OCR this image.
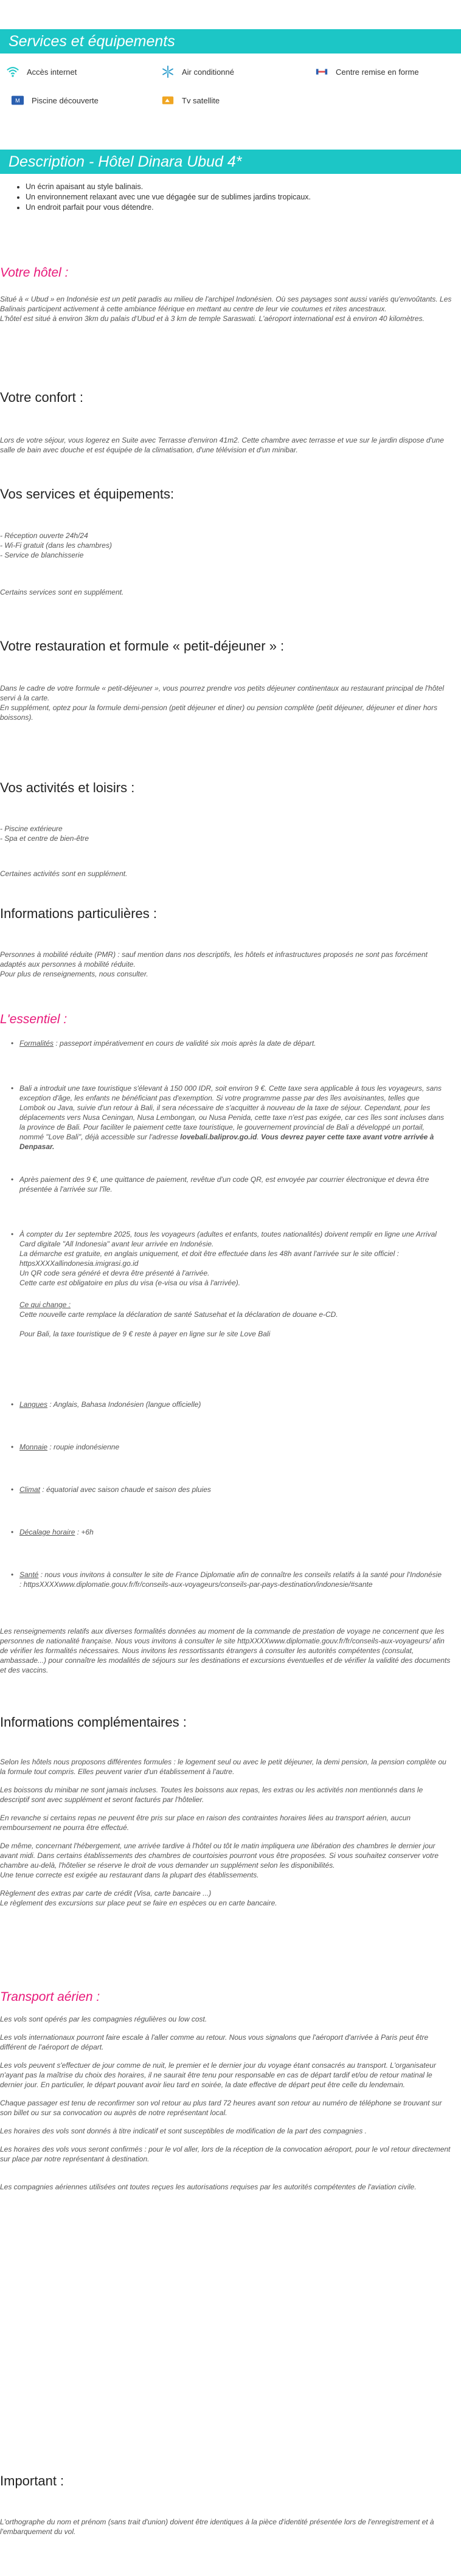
Services et équipements
Accès internet	Air conditionné	Centre remise en forme
M Piscine découverte	Tv satellite
Description - Hôtel Dinara Ubud 4*
• Un écrin apaisant au style balinais.
• Un environnement relaxant avec une vue dégagée sur de sublimes jardins tropicaux.
• Un endroit parfait pour vous détendre.
Votre hôtel :

Situé à « Ubud » en Indonésie est un petit paradis au milieu de l'archipel Indonésien. Où ses paysages sont aussi variés qu'envoûtants. Les Balinais participent activement à cette ambiance féérique en mettant au centre de leur vie coutumes et rites ancestraux.

L'hôtel est situé à environ 3km du palais d'Ubud et à 3 km de temple Saraswati. L'aéroport international est à environ 40 kilomètres.

Votre confort :
Lors de votre séjour, vous logerez en Suite avec Terrasse d'environ 41m2. Cette chambre avec terrasse et vue sur le jardin dispose d'une salle de bain avec douche et est équipée de la climatisation, d'une télévision et d'un minibar.
Vos services et équipements:

- Réception ouverte 24h/24

- Wi-Fi gratuit (dans les chambres)

- Service de blanchisserie

Certains services sont en supplément.
Votre restauration et formule « petit-déjeuner » :

Dans le cadre de votre formule « petit-déjeuner », vous pourrez prendre vos petits déjeuner continentaux au restaurant principal de l'hôtel servi à la carte.

En supplément, optez pour la formule demi-pension (petit déjeuner et diner) ou pension complète (petit déjeuner, déjeuner et diner hors boissons).

Vos activités et loisirs :

- Piscine extérieure

- Spa et centre de bien-être

Certaines activités sont en supplément.
Informations particulières :

Personnes à mobilité réduite (PMR) : sauf mention dans nos descriptifs, les hôtels et infrastructures proposés ne sont pas forcément adaptés aux personnes à mobilité réduite.

Pour plus de renseignements, nous consulter.

L'essentiel :
• Formalités : passeport impérativement en cours de validité six mois après la date de départ.
• Bali a introduit une taxe touristique s'élevant à 150 000 IDR, soit environ 9 €. Cette taxe sera applicable à tous les voyageurs, sans exception d'âge, les enfants ne bénéficiant pas d'exemption. Si votre programme passe par des îles avoisinantes, telles que Lombok ou Java, suivie d'un retour à Bali, il sera nécessaire de s'acquitter à nouveau de la taxe de séjour. Cependant, pour les déplacements vers Nusa Ceningan, Nusa Lembongan, ou Nusa Penida, cette taxe n'est pas exigée, car ces îles sont incluses dans la province de Bali. Pour faciliter le paiement cette taxe touristique, le gouvernement provincial de Bali a développé un portail, nommé "Love Bali", déjà accessible sur l'adresse lovebali.baliprov.go.id. Vous devrez payer cette taxe avant votre arrivée à Denpasar.
• Après paiement des 9 €, une quittance de paiement, revêtue d'un code QR, est envoyée par courrier électronique et devra être présentée à l'arrivée sur l'île.
• À compter du 1er septembre 2025, tous les voyageurs (adultes et enfants, toutes nationalités) doivent remplir en ligne une Arrival Card digitale "All Indonesia" avant leur arrivée en Indonésie.
La démarche est gratuite, en anglais uniquement, et doit être effectuée dans les 48h avant l'arrivée sur le site officiel : httpsXXXXallindonesia.imigrasi.go.id
Un QR code sera généré et devra être présenté à l'arrivée.
Cette carte est obligatoire en plus du visa (e-visa ou visa à l'arrivée).
Ce qui change :
Cette nouvelle carte remplace la déclaration de santé Satusehat et la déclaration de douane e-CD.
Pour Bali, la taxe touristique de 9 € reste à payer en ligne sur le site Love Bali
• Langues : Anglais, Bahasa Indonésien (langue officielle)
• Monnaie : roupie indonésienne
• Climat : équatorial avec saison chaude et saison des pluies
• Décalage horaire : +6h
• Santé : nous vous invitons à consulter le site de France Diplomatie afin de connaître les conseils relatifs à la santé pour l'Indonésie : httpsXXXXwww.diplomatie.gouv.fr/fr/conseils-aux-voyageurs/conseils-par-pays-destination/indonesie/#sante
Les renseignements relatifs aux diverses formalités données au moment de la commande de prestation de voyage ne concernent que les personnes de nationalité française. Nous vous invitons à consulter le site httpXXXXwww.diplomatie.gouv.fr/fr/conseils-aux-voyageurs/ afin de vérifier les formalités nécessaires. Nous invitons les ressortissants étrangers à consulter les autorités compétentes (consulat, ambassade...) pour connaître les modalités de séjours sur les destinations et excursions éventuelles et de vérifier la validité des documents et des vaccins.
Informations complémentaires :

Selon les hôtels nous proposons différentes formules : le logement seul ou avec le petit déjeuner, la demi pension, la pension complète ou la formule tout compris. Elles peuvent varier d'un établissement à l'autre.

Les boissons du minibar ne sont jamais incluses. Toutes les boissons aux repas, les extras ou les activités non mentionnés dans le descriptif sont avec supplément et seront facturés par l'hôtelier.

En revanche si certains repas ne peuvent être pris sur place en raison des contraintes horaires liées au transport aérien, aucun remboursement ne pourra être effectué.

De même, concernant l'hébergement, une arrivée tardive à l'hôtel ou tôt le matin impliquera une libération des chambres le dernier jour avant midi. Dans certains établissements des chambres de courtoisies pourront vous être proposées. Si vous souhaitez conserver votre chambre au-delà, l'hôtelier se réserve le droit de vous demander un supplément selon les disponibilités.

Une tenue correcte est exigée au restaurant dans la plupart des établissements.

Règlement des extras par carte de crédit (Visa, carte bancaire ...)

Le règlement des excursions sur place peut se faire en espèces ou en carte bancaire.

Transport aérien :

Les vols sont opérés par les compagnies régulières ou low cost.

Les vols internationaux pourront faire escale à l'aller comme au retour. Nous vous signalons que l'aéroport d'arrivée à Paris peut être différent de l'aéroport de départ.

Les vols peuvent s'effectuer de jour comme de nuit, le premier et le dernier jour du voyage étant consacrés au transport. L'organisateur n'ayant pas la maîtrise du choix des horaires, il ne saurait être tenu pour responsable en cas de départ tardif et/ou de retour matinal le dernier jour. En particulier, le départ pouvant avoir lieu tard en soirée, la date effective de départ peut être celle du lendemain.

Chaque passager est tenu de reconfirmer son vol retour au plus tard 72 heures avant son retour au numéro de téléphone se trouvant sur son billet ou sur sa convocation ou auprès de notre représentant local.

Les horaires des vols sont donnés à titre indicatif et sont susceptibles de modification de la part des compagnies .

Les horaires des vols vous seront confirmés : pour le vol aller, lors de la réception de la convocation aéroport, pour le vol retour directement sur place par notre représentant à destination.

Les compagnies aériennes utilisées ont toutes reçues les autorisations requises par les autorités compétentes de l'aviation civile.

Important :
L'orthographe du nom et prénom (sans trait d'union) doivent être identiques à la pièce d'identité présentée lors de l'enregistrement et à l'embarquement du vol.
